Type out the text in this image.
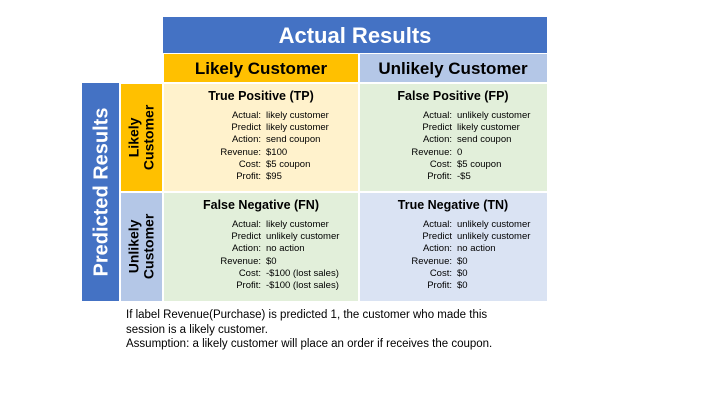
Actual Results
Likely Customer	Unlikely Customer
Predicted Results Likely Customer
Unlikely Customer
True Positive (TP)
Actual: likely customer
Predict likely customer
Action: send coupon
Revenue: $100
Cost: $5 coupon
Profit: $95
False Positive (FP)
Actual: unlikely customer
Predict likely customer
Action: send coupon
Revenue: 0
Cost: $5 coupon
Profit: -$5
False Negative (FN)
Actual: likely customer
Predict unlikely customer
Action: no action
Revenue: $0
Cost: -$100 (lost sales)
Profit: -$100 (lost sales)
True Negative (TN)
Actual: unlikely customer
Predict unlikely customer
Action: no action
Revenue: $0
Cost: $0
Profit: $0
If label Revenue(Purchase) is predicted 1, the customer who made this
session is a likely customer.
Assumption: a likely customer will place an order if receives the coupon.
